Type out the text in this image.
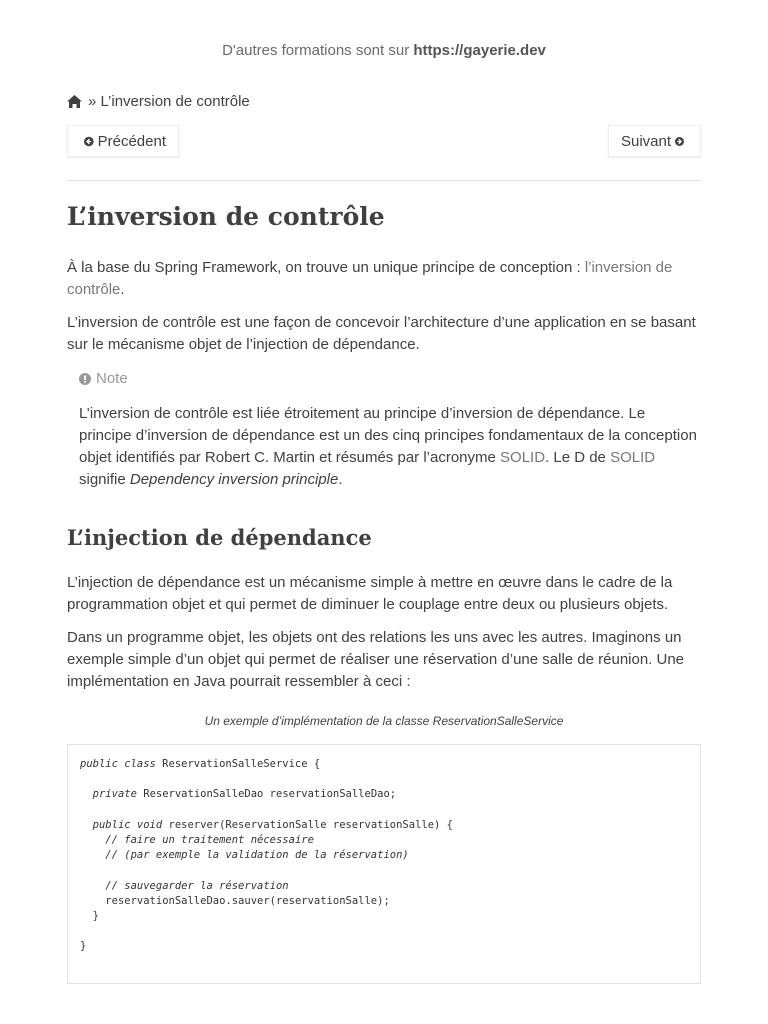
D'autres formations sont sur https://gayerie.dev
» L’inversion de contrôle
Précédent	Suivant
L’inversion de contrôle

À la base du Spring Framework, on trouve un unique principe de conception : l’inversion de contrôle.

L’inversion de contrôle est une façon de concevoir l’architecture d’une application en se basant sur le mécanisme objet de l’injection de dépendance.

Note

L’inversion de contrôle est liée étroitement au principe d’inversion de dépendance. Le principe d’inversion de dépendance est un des cinq principes fondamentaux de la conception objet identifiés par Robert C. Martin et résumés par l’acronyme SOLID. Le D de SOLID signifie Dependency inversion principle.

L’injection de dépendance

L’injection de dépendance est un mécanisme simple à mettre en œuvre dans le cadre de la programmation objet et qui permet de diminuer le couplage entre deux ou plusieurs objets.

Dans un programme objet, les objets ont des relations les uns avec les autres. Imaginons un exemple simple d’un objet qui permet de réaliser une réservation d’une salle de réunion. Une implémentation en Java pourrait ressembler à ceci :

Un exemple d’implémentation de la classe ReservationSalleService
public class ReservationSalleService {

private ReservationSalleDao reservationSalleDao;

public void reserver(ReservationSalle reservationSalle) {
// faire un traitement nécessaire
// (par exemple la validation de la réservation)

// sauvegarder la réservation
reservationSalleDao.sauver(reservationSalle);
}

}
